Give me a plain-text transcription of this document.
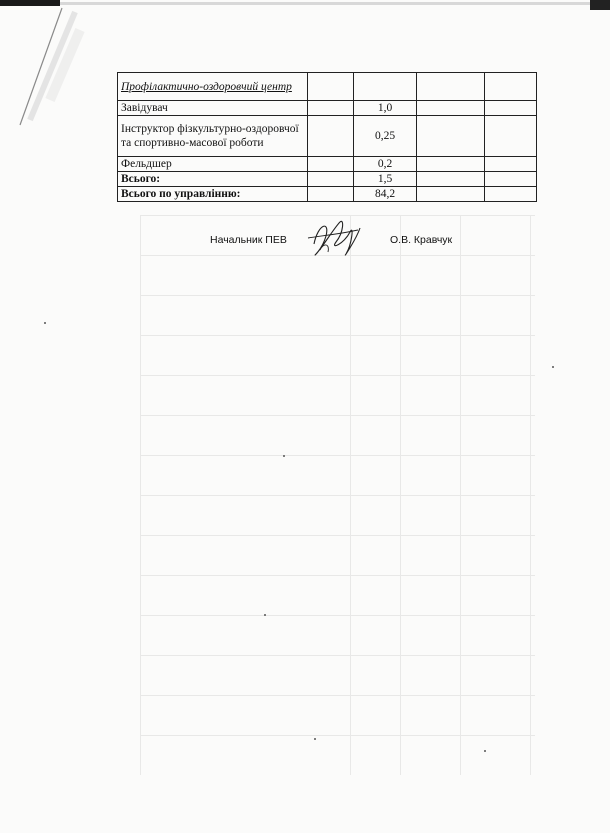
Профілактично-оздоровчий центр				
Завідувач		1,0		
Інструктор фізкультурно-оздоровчої та спортивно-масової роботи		0,25		
Фельдшер		0,2		
Всього:		1,5		
Всього по управлінню:		84,2		
Начальник ПЕВ	О.В. Кравчук
